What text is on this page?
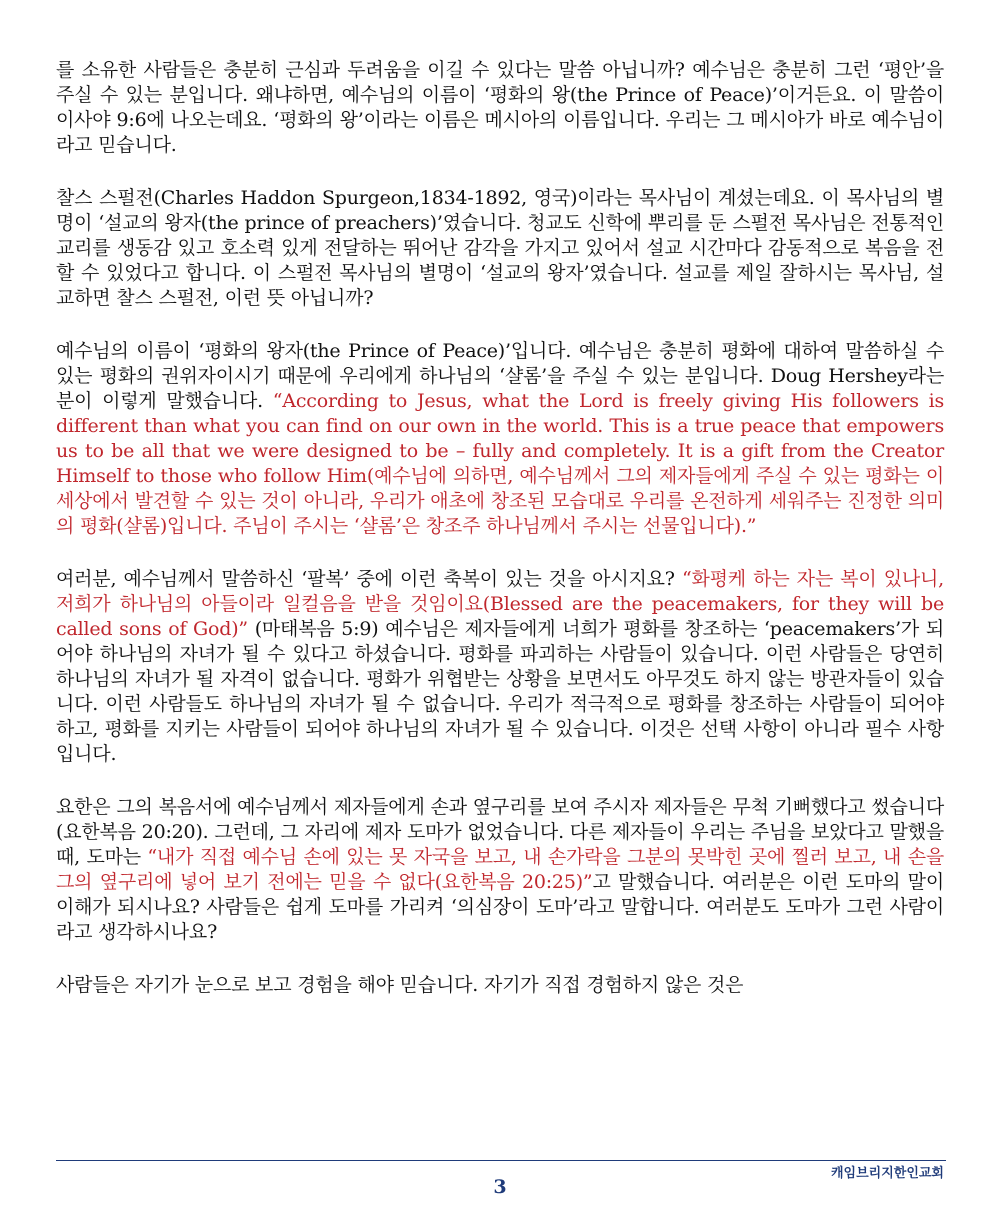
를 소유한 사람들은 충분히 근심과 두려움을 이길 수 있다는 말씀 아닙니까? 예수님은 충분히 그런 ‘평안’을 주실 수 있는 분입니다. 왜냐하면, 예수님의 이름이 ‘평화의 왕(the Prince of Peace)’이거든요. 이 말씀이 이사야 9:6에 나오는데요. ‘평화의 왕’이라는 이름은 메시아의 이름입니다. 우리는 그 메시아가 바로 예수님이라고 믿습니다.

찰스 스펄전(Charles Haddon Spurgeon,1834-1892, 영국)이라는 목사님이 계셨는데요. 이 목사님의 별명이 ‘설교의 왕자(the prince of preachers)’였습니다. 청교도 신학에 뿌리를 둔 스펄전 목사님은 전통적인 교리를 생동감 있고 호소력 있게 전달하는 뛰어난 감각을 가지고 있어서 설교 시간마다 감동적으로 복음을 전할 수 있었다고 합니다. 이 스펄전 목사님의 별명이 ‘설교의 왕자’였습니다. 설교를 제일 잘하시는 목사님, 설교하면 찰스 스펄전, 이런 뜻 아닙니까?

예수님의 이름이 ‘평화의 왕자(the Prince of Peace)’입니다. 예수님은 충분히 평화에 대하여 말씀하실 수 있는 평화의 권위자이시기 때문에 우리에게 하나님의 ‘샬롬’을 주실 수 있는 분입니다. Doug Hershey라는 분이 이렇게 말했습니다. “According to Jesus, what the Lord is freely giving His followers is different than what you can find on our own in the world. This is a true peace that empowers us to be all that we were designed to be – fully and completely. It is a gift from the Creator Himself to those who follow Him(예수님에 의하면, 예수님께서 그의 제자들에게 주실 수 있는 평화는 이 세상에서 발견할 수 있는 것이 아니라, 우리가 애초에 창조된 모습대로 우리를 온전하게 세워주는 진정한 의미의 평화(샬롬)입니다. 주님이 주시는 ‘샬롬’은 창조주 하나님께서 주시는 선물입니다).”

여러분, 예수님께서 말씀하신 ‘팔복’ 중에 이런 축복이 있는 것을 아시지요? “화평케 하는 자는 복이 있나니, 저희가 하나님의 아들이라 일컬음을 받을 것임이요(Blessed are the peacemakers, for they will be called sons of God)” (마태복음 5:9) 예수님은 제자들에게 너희가 평화를 창조하는 ‘peacemakers’가 되어야 하나님의 자녀가 될 수 있다고 하셨습니다. 평화를 파괴하는 사람들이 있습니다. 이런 사람들은 당연히 하나님의 자녀가 될 자격이 없습니다. 평화가 위협받는 상황을 보면서도 아무것도 하지 않는 방관자들이 있습니다. 이런 사람들도 하나님의 자녀가 될 수 없습니다. 우리가 적극적으로 평화를 창조하는 사람들이 되어야 하고, 평화를 지키는 사람들이 되어야 하나님의 자녀가 될 수 있습니다. 이것은 선택 사항이 아니라 필수 사항입니다.

요한은 그의 복음서에 예수님께서 제자들에게 손과 옆구리를 보여 주시자 제자들은 무척 기뻐했다고 썼습니다(요한복음 20:20). 그런데, 그 자리에 제자 도마가 없었습니다. 다른 제자들이 우리는 주님을 보았다고 말했을 때, 도마는 “내가 직접 예수님 손에 있는 못 자국을 보고, 내 손가락을 그분의 못박힌 곳에 찔러 보고, 내 손을 그의 옆구리에 넣어 보기 전에는 믿을 수 없다(요한복음 20:25)”고 말했습니다. 여러분은 이런 도마의 말이 이해가 되시나요? 사람들은 쉽게 도마를 가리켜 ‘의심장이 도마’라고 말합니다. 여러분도 도마가 그런 사람이라고 생각하시나요?

사람들은 자기가 눈으로 보고 경험을 해야 믿습니다. 자기가 직접 경험하지 않은 것은

캐임브리지한인교회
3
